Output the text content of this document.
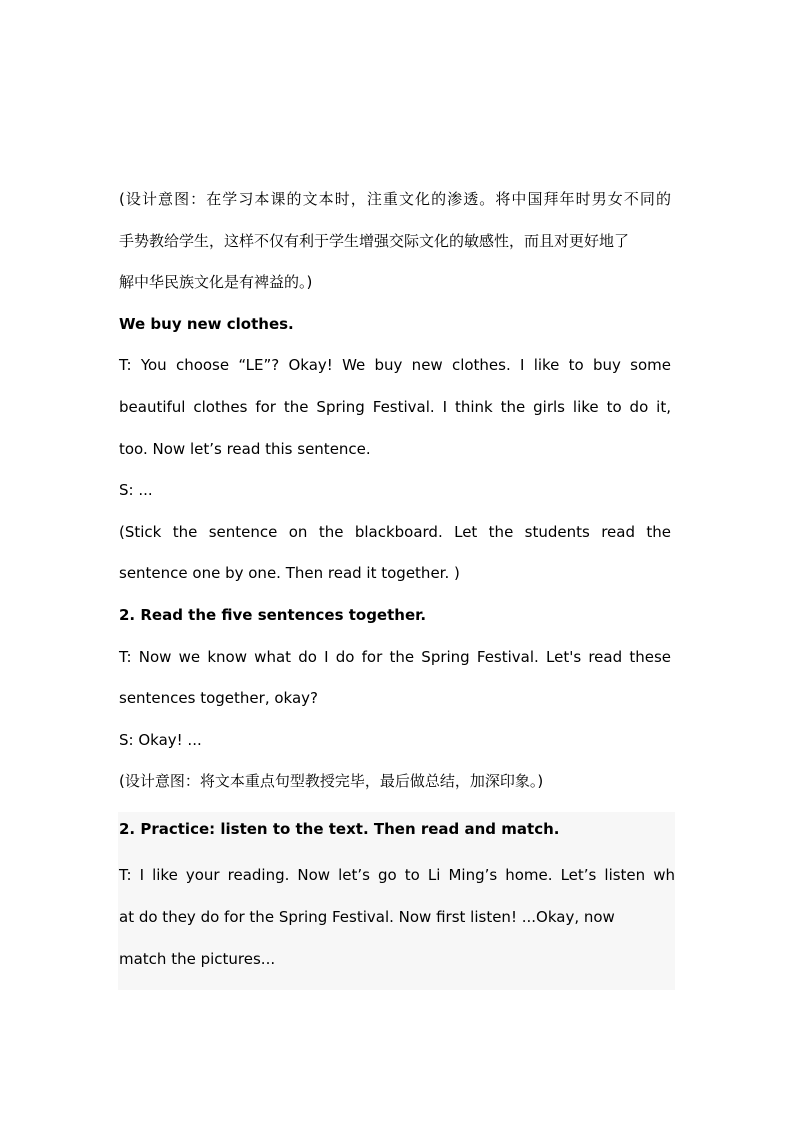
(设计意图：在学习本课的文本时，注重文化的渗透。将中国拜年时男女不同的
手势教给学生，这样不仅有利于学生增强交际文化的敏感性，而且对更好地了
解中华民族文化是有裨益的。)
We buy new clothes.
T: You choose “LE”? Okay! We buy new clothes. I like to buy some
beautiful clothes for the Spring Festival. I think the girls like to do it,
too. Now let’s read this sentence.
S: ...
(Stick the sentence on the blackboard. Let the students read the
sentence one by one. Then read it together. )
2. Read the five sentences together.
T: Now we know what do I do for the Spring Festival. Let's read these
sentences together, okay?
S: Okay! ...
(设计意图：将文本重点句型教授完毕，最后做总结，加深印象。)
2. Practice: listen to the text. Then read and match.
T: I like your reading. Now let’s go to Li Ming’s home. Let’s listen wh
at do they do for the Spring Festival. Now first listen! ...Okay, now
match the pictures...
